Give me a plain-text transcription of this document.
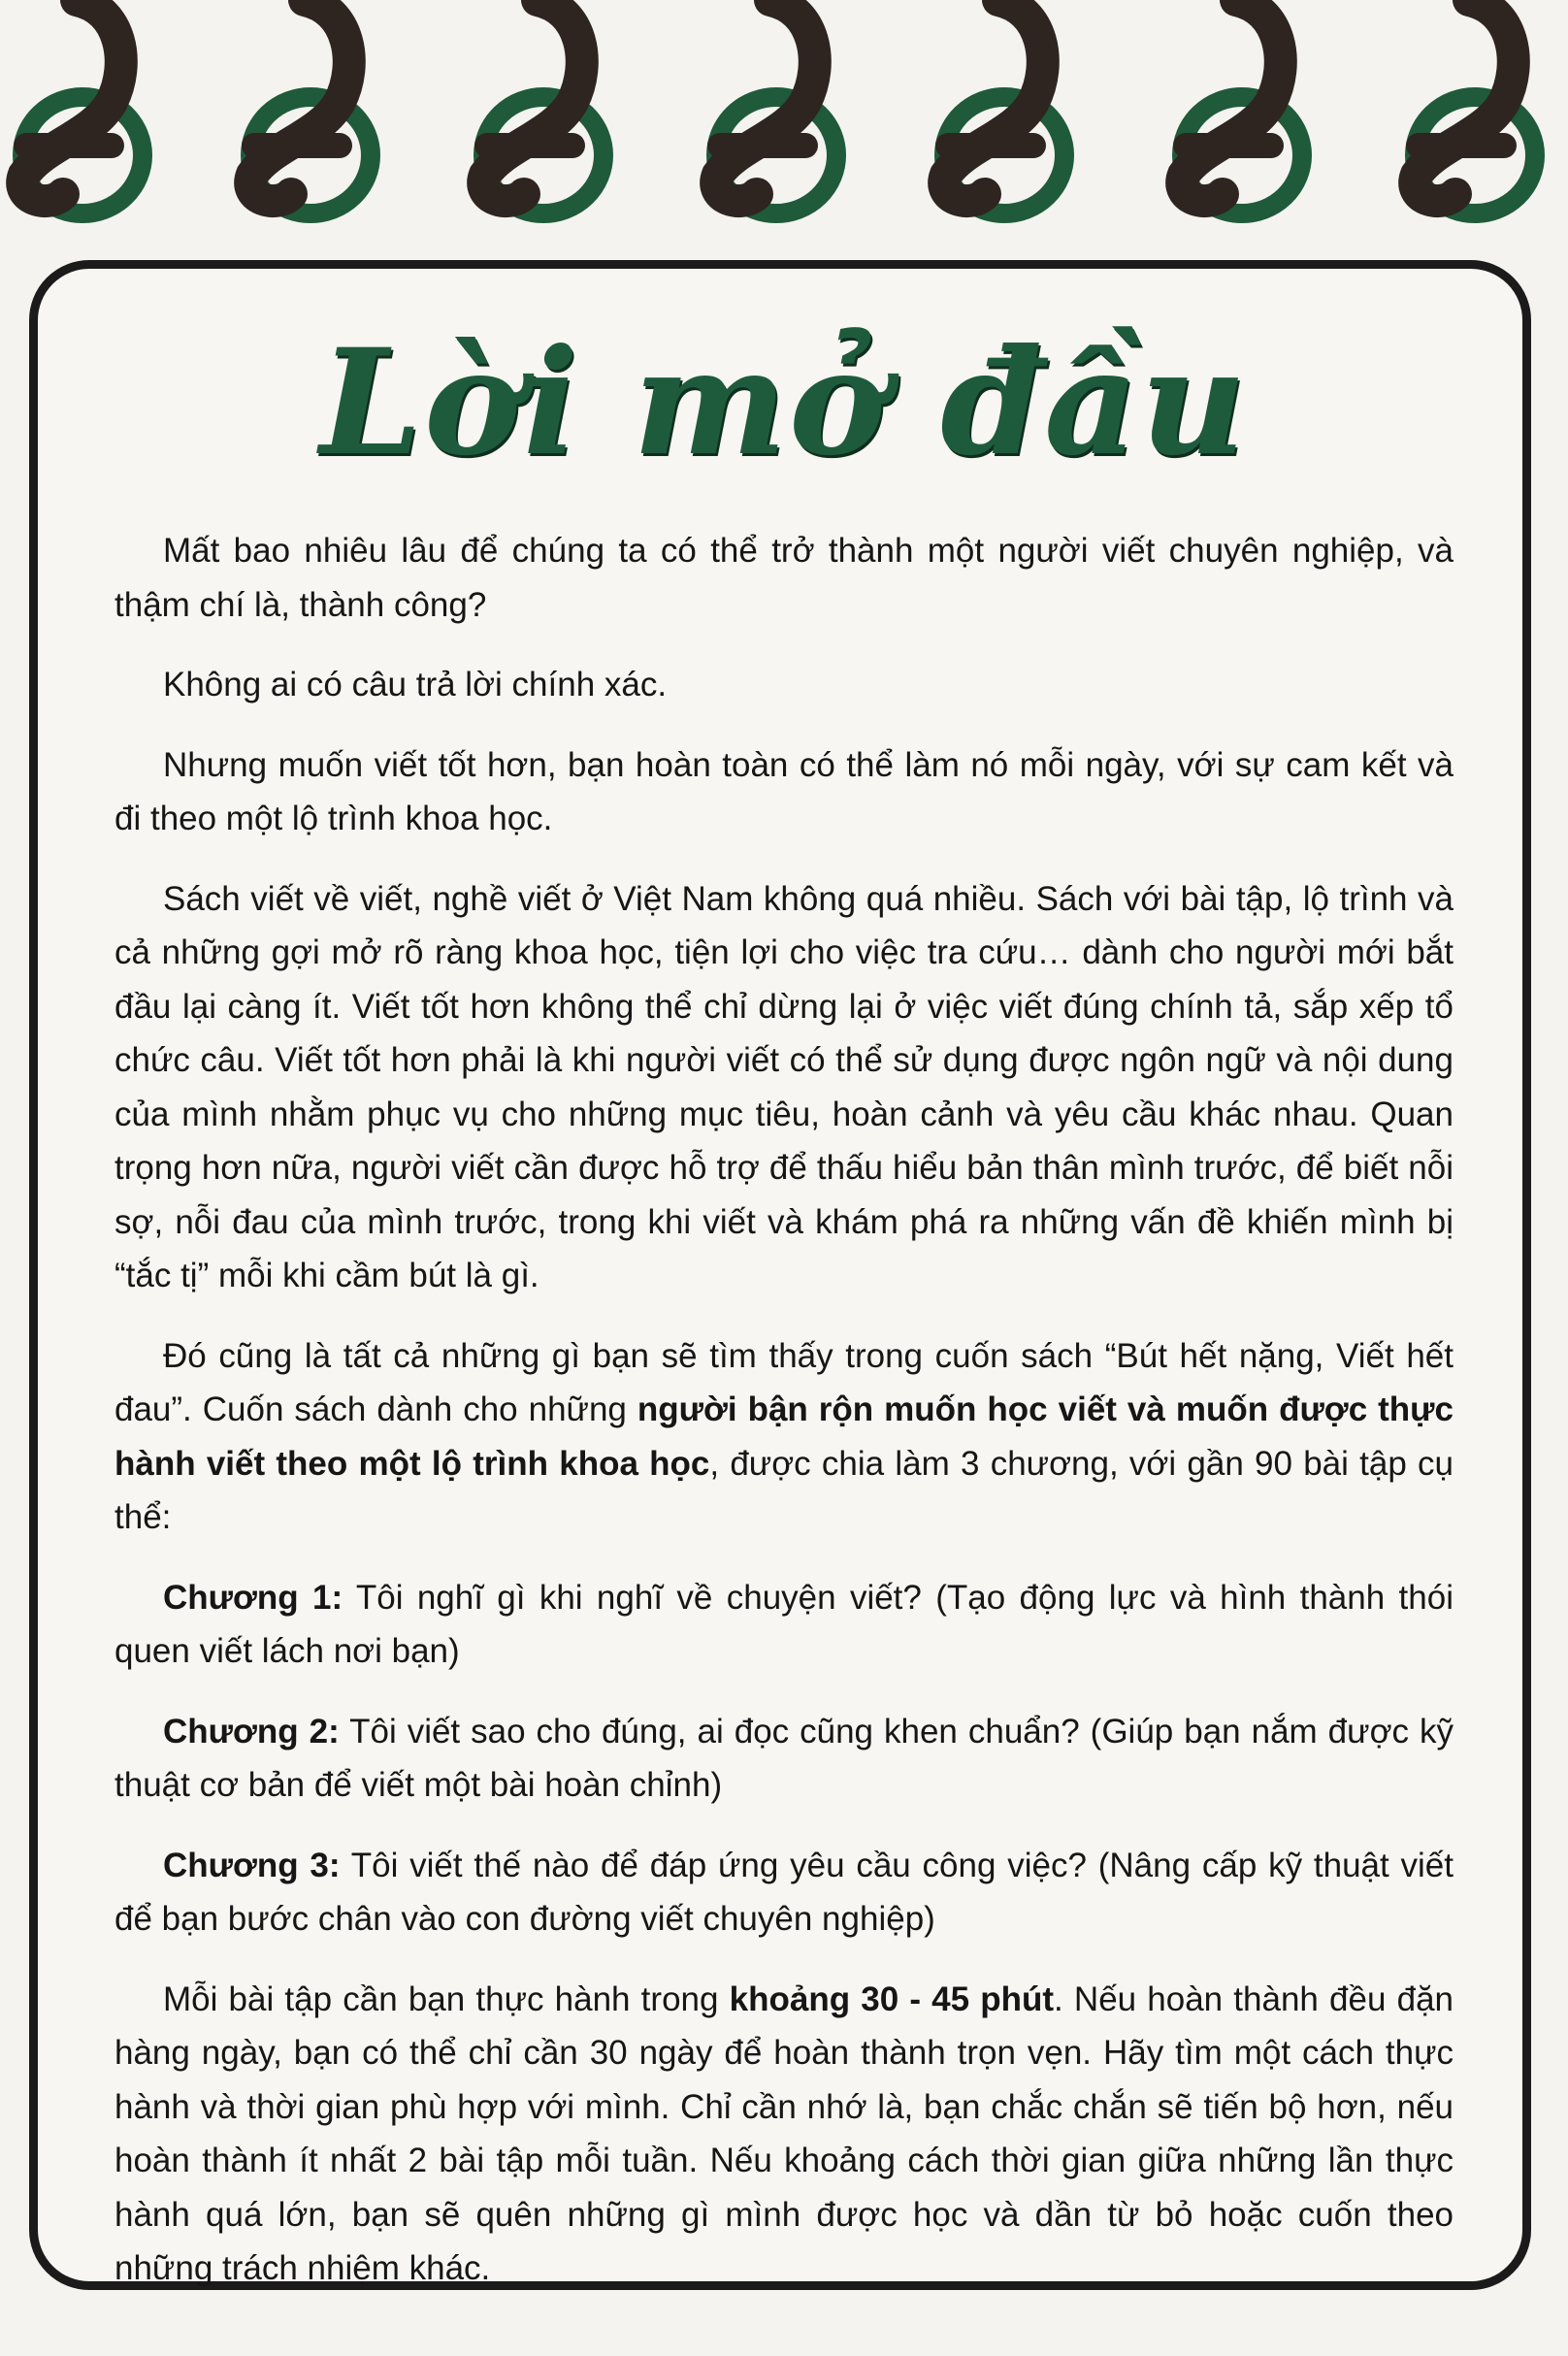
Lời mở đầu

Mất bao nhiêu lâu để chúng ta có thể trở thành một người viết chuyên nghiệp, và thậm chí là, thành công?

Không ai có câu trả lời chính xác.

Nhưng muốn viết tốt hơn, bạn hoàn toàn có thể làm nó mỗi ngày, với sự cam kết và đi theo một lộ trình khoa học.

Sách viết về viết, nghề viết ở Việt Nam không quá nhiều. Sách với bài tập, lộ trình và cả những gợi mở rõ ràng khoa học, tiện lợi cho việc tra cứu… dành cho người mới bắt đầu lại càng ít. Viết tốt hơn không thể chỉ dừng lại ở việc viết đúng chính tả, sắp xếp tổ chức câu. Viết tốt hơn phải là khi người viết có thể sử dụng được ngôn ngữ và nội dung của mình nhằm phục vụ cho những mục tiêu, hoàn cảnh và yêu cầu khác nhau. Quan trọng hơn nữa, người viết cần được hỗ trợ để thấu hiểu bản thân mình trước, để biết nỗi sợ, nỗi đau của mình trước, trong khi viết và khám phá ra những vấn đề khiến mình bị “tắc tị” mỗi khi cầm bút là gì.

Đó cũng là tất cả những gì bạn sẽ tìm thấy trong cuốn sách “Bút hết nặng, Viết hết đau”. Cuốn sách dành cho những người bận rộn muốn học viết và muốn được thực hành viết theo một lộ trình khoa học, được chia làm 3 chương, với gần 90 bài tập cụ thể:

Chương 1: Tôi nghĩ gì khi nghĩ về chuyện viết? (Tạo động lực và hình thành thói quen viết lách nơi bạn)

Chương 2: Tôi viết sao cho đúng, ai đọc cũng khen chuẩn? (Giúp bạn nắm được kỹ thuật cơ bản để viết một bài hoàn chỉnh)

Chương 3: Tôi viết thế nào để đáp ứng yêu cầu công việc? (Nâng cấp kỹ thuật viết để bạn bước chân vào con đường viết chuyên nghiệp)

Mỗi bài tập cần bạn thực hành trong khoảng 30 - 45 phút. Nếu hoàn thành đều đặn hàng ngày, bạn có thể chỉ cần 30 ngày để hoàn thành trọn vẹn. Hãy tìm một cách thực hành và thời gian phù hợp với mình. Chỉ cần nhớ là, bạn chắc chắn sẽ tiến bộ hơn, nếu hoàn thành ít nhất 2 bài tập mỗi tuần. Nếu khoảng cách thời gian giữa những lần thực hành quá lớn, bạn sẽ quên những gì mình được học và dần từ bỏ hoặc cuốn theo những trách nhiệm khác.
